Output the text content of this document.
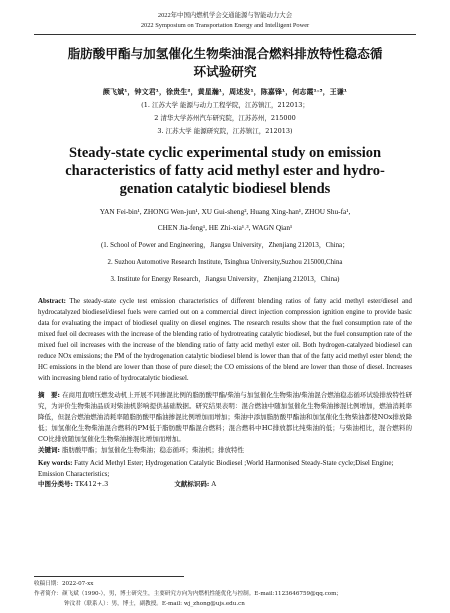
2022年中国内燃机学会交通能源与智能动力大会
2022 Symposium on Transportation Energy and Intelligent Power
脂肪酸甲酯与加氢催化生物柴油混合燃料排放特性稳态循
环试验研究
颜飞斌¹，钟文君¹，徐贵生²，黄星瀚¹，周述发¹，陈嘉锋¹，何志霞¹˒³，王谦¹
(1. 江苏大学 能源与动力工程学院，江苏镇江，212013；
2 清华大学苏州汽车研究院，江苏苏州，215000
3. 江苏大学 能源研究院，江苏镇江，212013)
Steady-state cyclic experimental study on emission
characteristics of fatty acid methyl ester and hydro-
genation catalytic biodiesel blends
YAN Fei-bin¹, ZHONG Wen-jun¹, XU Gui-sheng², Huang Xing-han¹, ZHOU Shu-fa¹,
CHEN Jia-feng¹, HE Zhi-xia¹˒³, WAGN Qian¹
(1. School of Power and Engineering，Jiangsu University，Zhenjiang 212013，China；
2. Suzhou Automotive Research Institute, Tsinghua University,Suzhou 215000,China
3. Institute for Energy Research，Jiangsu University，Zhenjiang 212013，China)
Abstract: The steady-state cycle test emission characteristics of different blending ratios of fatty acid methyl ester/diesel and hydrocatalyzed biodiesel/diesel fuels were carried out on a commercial direct injection compression ignition engine to provide basic data for evaluating the impact of biodiesel quality on diesel engines. The research results show that the fuel consumption rate of the mixed fuel oil decreases with the increase of the blending ratio of hydrotreating catalytic biodiesel, but the fuel consumption rate of the mixed fuel oil increases with the increase of the blending ratio of fatty acid methyl ester oil. Both hydrogen-catalyzed biodiesel can reduce NOx emissions; the PM of the hydrogenation catalytic biodiesel blend is lower than that of the fatty acid methyl ester blend; the HC emissions in the blend are lower than those of pure diesel; the CO emissions of the blend are lower than those of diesel. Increases with increasing blend ratio of hydrocatalytic biodiesel.
摘　要: 在商用直喷压燃发动机上开展不同掺混比例的脂肪酸甲酯/柴油与加氢催化生物柴油/柴油混合燃油稳态循环试验排放特性研究，为评价生物柴油品质对柴油机影响提供基础数据。研究结果表明：混合燃油中随加氢催化生物柴油掺混比例增加，燃油消耗率降低，但混合燃油燃油消耗率随脂肪酸甲酯油掺混比例增加而增加；柴油中添加脂肪酸甲酯油和加氢催化生物柴油都使NOx排放降低；加氢催化生物柴油混合燃料的PM低于脂肪酸甲酯混合燃料；混合燃料中HC排放都比纯柴油的低；与柴油相比，混合燃料的CO比排放随加氢催化生物柴油掺混比增加而增加。
关键词: 脂肪酸甲酯；加氢催化生物柴油；稳态循环；柴油机；排放特性
Key words: Fatty Acid Methyl Ester; Hydrogenation Catalytic Biodiesel ;World Harmonised Steady-State cycle;Disel Engine; Emission Characteristics;
中图分类号: TK412+.3	文献标识码: A
收稿日期：2022-07-xx
作者简介：颜飞斌（1990-），男，博士研究生，主要研究方向为内燃机性能优化与控制。E-mail:1123646759@qq.com；
钟汶君（联系人）：男，博士，副教授。E-mail: wj_zhong@ujs.edu.cn
